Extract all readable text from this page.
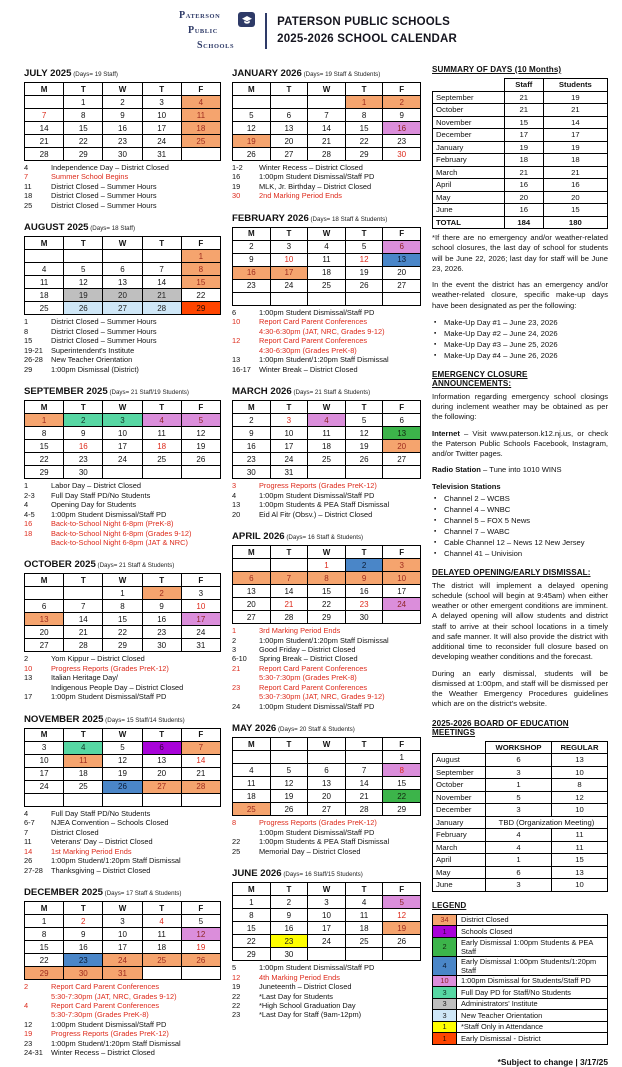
PATERSON
PUBLIC
SCHOOLS
PATERSON PUBLIC SCHOOLS
2025-2026 SCHOOL CALENDAR
JULY 2025 (Days= 19 Staff)
M	T	W	T	F
	1	2	3	4
7	8	9	10	11
14	15	16	17	18
21	22	23	24	25
28	29	30	31	
4	Independence Day – District Closed
7	Summer School Begins
11	District Closed – Summer Hours
18	District Closed – Summer Hours
25	District Closed – Summer Hours
AUGUST 2025 (Days= 18 Staff)
M	T	W	T	F
				1
4	5	6	7	8
11	12	13	14	15
18	19	20	21	22
25	26	27	28	29
1	District Closed – Summer Hours
8	District Closed – Summer Hours
15	District Closed – Summer Hours
19-21	Superintendent's Institute
26-28	New Teacher Orientation
29	1:00pm Dismissal (District)
SEPTEMBER 2025 (Days= 21 Staff/19 Students)
M	T	W	T	F
1	2	3	4	5
8	9	10	11	12
15	16	17	18	19
22	23	24	25	26
29	30			
1	Labor Day – District Closed
2-3	Full Day Staff PD/No Students
4	Opening Day for Students
4-5	1:00pm Student Dismissal/Staff PD
16	Back-to-School Night 6-8pm (PreK-8)
18	Back-to-School Night 6-8pm (Grades 9-12)
Back-to-School Night 6-8pm (JAT & NRC)
OCTOBER 2025 (Days= 21 Staff & Students)
M	T	W	T	F
		1	2	3
6	7	8	9	10
13	14	15	16	17
20	21	22	23	24
27	28	29	30	31
2	Yom Kippur – District Closed
10	Progress Reports (Grades PreK-12)
13	Italian Heritage Day/
Indigenous People Day – District Closed
17	1:00pm Student Dismissal/Staff PD
NOVEMBER 2025 (Days= 15 Staff/14 Students)
M	T	W	T	F
3	4	5	6	7
10	11	12	13	14
17	18	19	20	21
24	25	26	27	28

4	Full Day Staff PD/No Students
6-7	NJEA Convention – Schools Closed
7	District Closed
11	Veterans' Day – District Closed
14	1st Marking Period Ends
26	1:00pm Student/1:20pm Staff Dismissal
27-28	Thanksgiving – District Closed
DECEMBER 2025 (Days= 17 Staff & Students)
M	T	W	T	F
1	2	3	4	5
8	9	10	11	12
15	16	17	18	19
22	23	24	25	26
29	30	31		
2	Report Card Parent Conferences
5:30-7:30pm (JAT, NRC, Grades 9-12)
4	Report Card Parent Conferences
5:30-7:30pm (Grades PreK-8)
12	1:00pm Student Dismissal/Staff PD
19	Progress Reports (Grades PreK-12)
23	1:00pm Student/1:20pm Staff Dismissal
24-31	Winter Recess – District Closed
JANUARY 2026 (Days= 19 Staff & Students)
M	T	W	T	F
			1	2
5	6	7	8	9
12	13	14	15	16
19	20	21	22	23
26	27	28	29	30
1-2	Winter Recess – District Closed
16	1:00pm Student Dismissal/Staff PD
19	MLK, Jr. Birthday – District Closed
30	2nd Marking Period Ends
FEBRUARY 2026 (Days= 18 Staff & Students)
M	T	W	T	F
2	3	4	5	6
9	10	11	12	13
16	17	18	19	20
23	24	25	26	27

6	1:00pm Student Dismissal/Staff PD
10	Report Card Parent Conferences
4:30-6:30pm (JAT, NRC, Grades 9-12)
12	Report Card Parent Conferences
4:30-6:30pm (Grades PreK-8)
13	1:00pm Student/1:20pm Staff Dismissal
16-17	Winter Break – District Closed
MARCH 2026 (Days= 21 Staff & Students)
M	T	W	T	F
2	3	4	5	6
9	10	11	12	13
16	17	18	19	20
23	24	25	26	27
30	31			
3	Progress Reports (Grades PreK-12)
4	1:00pm Student Dismissal/Staff PD
13	1:00pm Students & PEA Staff Dismissal
20	Eid Al Fitr (Obsv.) – District Closed
APRIL 2026 (Days= 16 Staff & Students)
M	T	W	T	F
		1	2	3
6	7	8	9	10
13	14	15	16	17
20	21	22	23	24
27	28	29	30	
1	3rd Marking Period Ends
2	1:00pm Student/1:20pm Staff Dismissal
3	Good Friday – District Closed
6-10	Spring Break – District Closed
21	Report Card Parent Conferences
5:30-7:30pm (Grades PreK-8)
23	Report Card Parent Conferences
5:30-7:30pm (JAT, NRC, Grades 9-12)
24	1:00pm Student Dismissal/Staff PD
MAY 2026 (Days= 20 Staff & Students)
M	T	W	T	F
				1
4	5	6	7	8
11	12	13	14	15
18	19	20	21	22
25	26	27	28	29
8	Progress Reports (Grades PreK-12)
1:00pm Student Dismissal/Staff PD
22	1:00pm Students & PEA Staff Dismissal
25	Memorial Day – District Closed
JUNE 2026 (Days= 16 Staff/15 Students)
M	T	W	T	F
1	2	3	4	5
8	9	10	11	12
15	16	17	18	19
22	23	24	25	26
29	30			
5	1:00pm Student Dismissal/Staff PD
12	4th Marking Period Ends
19	Juneteenth – District Closed
22	*Last Day for Students
22	*High School Graduation Day
23	*Last Day for Staff (9am-12pm)
SUMMARY OF DAYS (10 Months)
	Staff	Students
September	21	19
October	21	21
November	15	14
December	17	17
January	19	19
February	18	18
March	21	21
April	16	16
May	20	20
June	16	15
TOTAL	184	180

*If there are no emergency and/or weather-related school closures, the last day of school for students will be June 22, 2026; last day for staff will be June 23, 2026.

In the event the district has an emergency and/or weather-related closure, specific make-up days have been designated as per the following:

▪ Make-Up Day #1 – June 23, 2026
▪ Make-Up Day #2 – June 24, 2026
▪ Make-Up Day #3 – June 25, 2026
▪ Make-Up Day #4 – June 26, 2026
EMERGENCY CLOSURE ANNOUNCEMENTS:

Information regarding emergency school closings during inclement weather may be obtained as per the following:

Internet – Visit www.paterson.k12.nj.us, or check the Paterson Public Schools Facebook, Instagram, and/or Twitter pages.

Radio Station – Tune into 1010 WINS

Television Stations

▪ Channel 2 – WCBS
▪ Channel 4 – WNBC
▪ Channel 5 – FOX 5 News
▪ Channel 7 – WABC
▪ Cable Channel 12 – News 12 New Jersey
▪ Channel 41 – Univision
DELAYED OPENING/EARLY DISMISSAL:

The district will implement a delayed opening schedule (school will begin at 9:45am) when either weather or other emergent conditions are imminent. A delayed opening will allow students and district staff to arrive at their school locations in a timely and safe manner. It will also provide the district with additional time to reconsider full closure based on developing weather conditions and the forecast.

During an early dismissal, students will be dismissed at 1:00pm, and staff will be dismissed per the Weather Emergency Procedures guidelines which are on the district's website.

2025-2026 BOARD OF EDUCATION MEETINGS
	WORKSHOP	REGULAR
August	6	13
September	3	10
October	1	8
November	5	12
December	3	10
January	TBD (Organization Meeting)	
February	4	11
March	4	11
April	1	15
May	6	13
June	3	10
LEGEND
34	District Closed
1	Schools Closed
2	Early Dismissal 1:00pm Students & PEA Staff
4	Early Dismissal 1:00pm Students/1:20pm Staff
10	1:00pm Dismissal for Students/Staff PD
3	Full Day PD for Staff/No Students
3	Administrators' Institute
3	New Teacher Orientation
1	*Staff Only in Attendance
1	Early Dismissal - District
*Subject to change | 3/17/25
